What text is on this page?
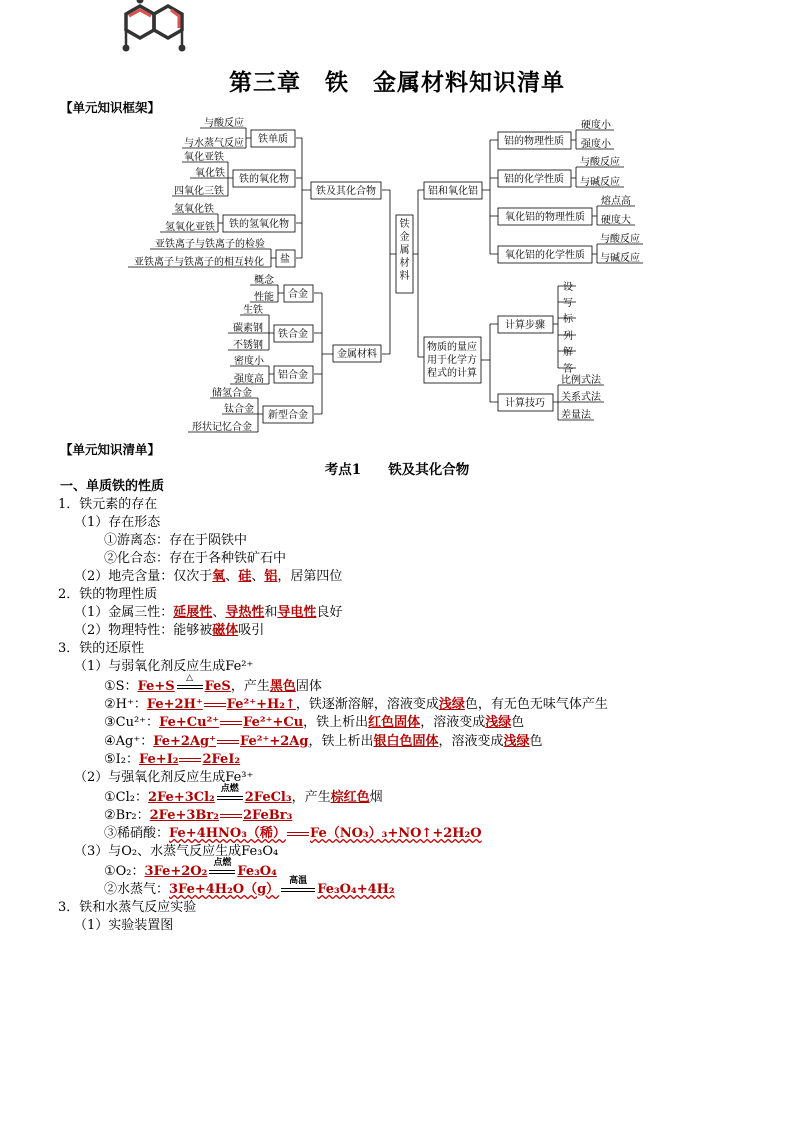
第三章　铁　金属材料知识清单
【单元知识框架】
铁
金
属
材
料
铁及其化合物
金属材料
铝和氧化铝
物质的量应
用于化学方
程式的计算
铁单质
铁的氧化物
铁的氢氧化物
盐
与酸反应
与水蒸气反应
氧化亚铁
氧化铁
四氧化三铁
氢氧化铁
氢氧化亚铁
亚铁离子与铁离子的检验
亚铁离子与铁离子的相互转化
合金
铁合金
铝合金
新型合金
概念
性能
生铁
碳素钢
不锈钢
密度小
强度高
储氢合金
钛合金
形状记忆合金
铝的物理性质
铝的化学性质
氧化铝的物理性质
氧化铝的化学性质
硬度小
强度小
与酸反应
与碱反应
熔点高
硬度大
与酸反应
与碱反应
计算步骤
计算技巧
设
写
标
列
解
答
比例式法
关系式法
差量法
【单元知识清单】
考点1　　铁及其化合物
一、单质铁的性质
1．铁元素的存在
（1）存在形态
①游离态：存在于陨铁中
②化合态：存在于各种铁矿石中
（2）地壳含量：仅次于氧、硅、铝，居第四位
2．铁的物理性质
（1）金属三性：延展性、导热性和导电性良好
（2）物理特性：能够被磁体吸引
3．铁的还原性
（1）与弱氧化剂反应生成Fe²⁺
①S：Fe+S
△
FeS，产生黑色固体
②H⁺：Fe+2H⁺ Fe²⁺+H₂↑，铁逐渐溶解，溶液变成浅绿色，有无色无味气体产生
③Cu²⁺：Fe+Cu²⁺ Fe²⁺+Cu，铁上析出红色固体，溶液变成浅绿色
④Ag⁺：Fe+2Ag⁺ Fe²⁺+2Ag，铁上析出银白色固体，溶液变成浅绿色
⑤I₂：Fe+I₂ 2FeI₂
（2）与强氧化剂反应生成Fe³⁺
①Cl₂：2Fe+3Cl₂
点燃
2FeCl₃，产生棕红色烟
②Br₂：2Fe+3Br₂ 2FeBr₃
③稀硝酸：Fe+4HNO₃（稀） Fe（NO₃）₃+NO↑+2H₂O
（3）与O₂、水蒸气反应生成Fe₃O₄
①O₂：3Fe+2O₂
点燃
Fe₃O₄
②水蒸气：3Fe+4H₂O（g）
高温
Fe₃O₄+4H₂
3．铁和水蒸气反应实验
（1）实验装置图
